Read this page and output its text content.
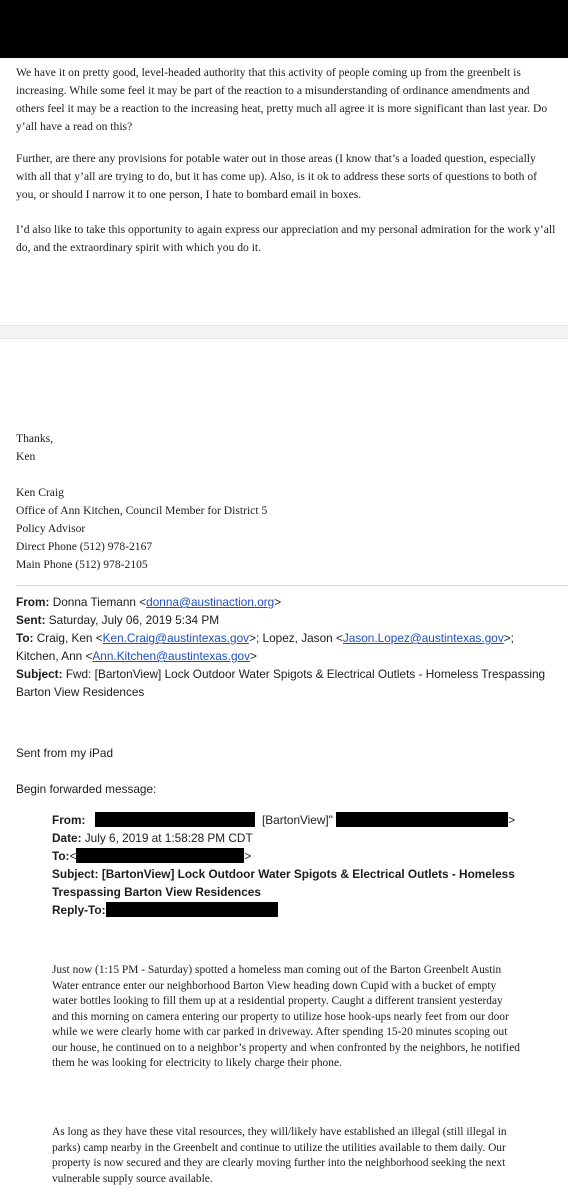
We have it on pretty good, level-headed authority that this activity of people coming up from the greenbelt is increasing. While some feel it may be part of the reaction to a misunderstanding of ordinance amendments and others feel it may be a reaction to the increasing heat, pretty much all agree it is more significant than last year. Do y’all have a read on this?
Further, are there any provisions for potable water out in those areas (I know that’s a loaded question, especially with all that y’all are trying to do, but it has come up). Also, is it ok to address these sorts of questions to both of you, or should I narrow it to one person, I hate to bombard email in boxes.
I’d also like to take this opportunity to again express our appreciation and my personal admiration for the work y’all do, and the extraordinary spirit with which you do it.
Thanks,
Ken
Ken Craig
Office of Ann Kitchen, Council Member for District 5
Policy Advisor
Direct Phone (512) 978-2167
Main Phone (512) 978-2105
From: Donna Tiemann <donna@austinaction.org>
Sent: Saturday, July 06, 2019 5:34 PM
To: Craig, Ken <Ken.Craig@austintexas.gov>; Lopez, Jason <Jason.Lopez@austintexas.gov>; Kitchen, Ann <Ann.Kitchen@austintexas.gov>
Subject: Fwd: [BartonView] Lock Outdoor Water Spigots & Electrical Outlets - Homeless Trespassing Barton View Residences
Sent from my iPad
Begin forwarded message:
From:	[BartonView]"	>
Date: July 6, 2019 at 1:58:28 PM CDT
To:<	>
Subject: [BartonView] Lock Outdoor Water Spigots & Electrical Outlets - Homeless Trespassing Barton View Residences
Reply-To:
Just now (1:15 PM - Saturday) spotted a homeless man coming out of the Barton Greenbelt Austin Water entrance enter our neighborhood Barton View heading down Cupid with a bucket of empty water bottles looking to fill them up at a residential property. Caught a different transient yesterday and this morning on camera entering our property to utilize hose hook-ups nearly feet from our door while we were clearly home with car parked in driveway. After spending 15-20 minutes scoping out our house, he continued on to a neighbor’s property and when confronted by the neighbors, he notified them he was looking for electricity to likely charge their phone.
As long as they have these vital resources, they will/likely have established an illegal (still illegal in parks) camp nearby in the Greenbelt and continue to utilize the utilities available to them daily. Our property is now secured and they are clearly moving further into the neighborhood seeking the next vulnerable supply source available.
